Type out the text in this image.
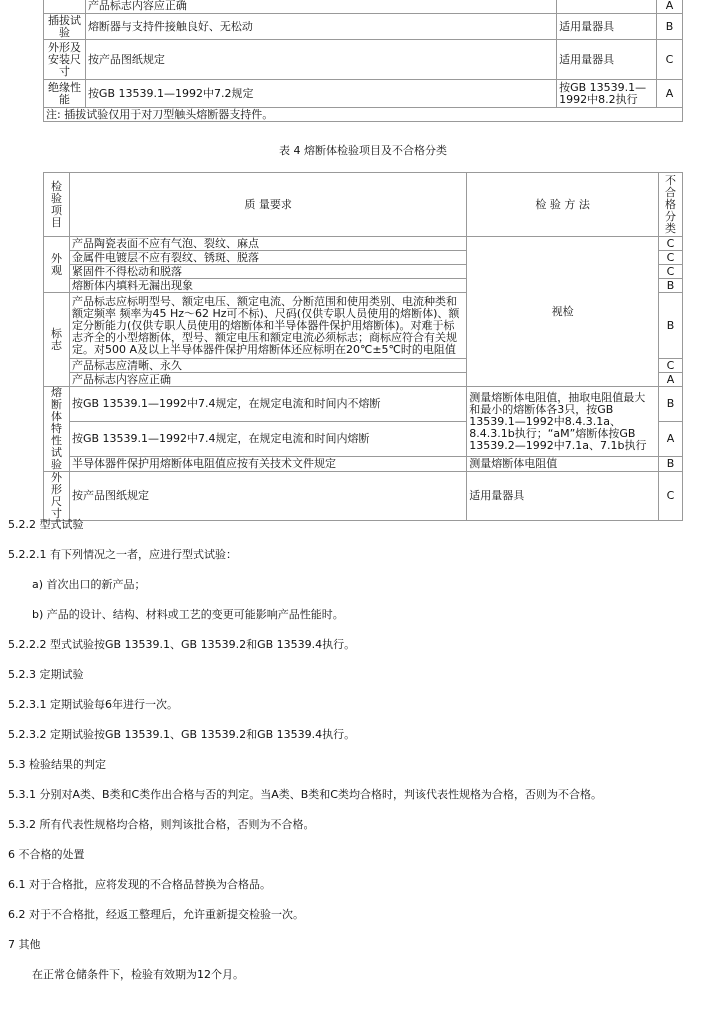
	产品标志内容应正确		A
插拔试验	熔断器与支持件接触良好、无松动	适用量器具	B
外形及安装尺寸	按产品图纸规定	适用量器具	C
绝缘性能	按GB 13539.1—1992中7.2规定	按GB 13539.1—1992中8.2执行	A
注: 插拔试验仅用于对刀型触头熔断器支持件。			
表 4 熔断体检验项目及不合格分类
检验项目	质 量要求	检 验 方 法	不合格分类
外观	产品陶瓷表面不应有气泡、裂纹、麻点	视检	C
	金属件电镀层不应有裂纹、锈斑、脱落		C
	紧固件不得松动和脱落		C
	熔断体内填料无漏出现象		B
标志	产品标志应标明型号、额定电压、额定电流、分断范围和使用类别、电流种类和额定频率 频率为45 Hz～62 Hz可不标)、尺码(仅供专职人员使用的熔断体)、额定分断能力(仅供专职人员使用的熔断体和半导体器件保护用熔断体)。对难于标志齐全的小型熔断体，型号、额定电压和额定电流必须标志；商标应符合有关规定。对500 A及以上半导体器件保护用熔断体还应标明在20℃±5℃时的电阻值		B
	产品标志应清晰、永久		C
	产品标志内容应正确		A
熔断体特性试验	按GB 13539.1—1992中7.4规定，在规定电流和时间内不熔断	测量熔断体电阻值，抽取电阻值最大和最小的熔断体各3只，按GB 13539.1—1992中8.4.3.1a、 8.4.3.1b执行；“aM”熔断体按GB 13539.2—1992中7.1a、7.1b执行	B
	按GB 13539.1—1992中7.4规定，在规定电流和时间内熔断		A
	半导体器件保护用熔断体电阻值应按有关技术文件规定	测量熔断体电阻值	B
外形尺寸	按产品图纸规定	适用量器具	C
5.2.2 型式试验
5.2.2.1 有下列情况之一者，应进行型式试验：
a) 首次出口的新产品；
b) 产品的设计、结构、材料或工艺的变更可能影响产品性能时。
5.2.2.2 型式试验按GB 13539.1、GB 13539.2和GB 13539.4执行。
5.2.3 定期试验
5.2.3.1 定期试验每6年进行一次。
5.2.3.2 定期试验按GB 13539.1、GB 13539.2和GB 13539.4执行。
5.3 检验结果的判定
5.3.1 分别对A类、B类和C类作出合格与否的判定。当A类、B类和C类均合格时，判该代表性规格为合格，否则为不合格。
5.3.2 所有代表性规格均合格，则判该批合格，否则为不合格。
6 不合格的处置
6.1 对于合格批，应将发现的不合格品替换为合格品。
6.2 对于不合格批，经返工整理后，允许重新提交检验一次。
7 其他
在正常仓储条件下，检验有效期为12个月。
